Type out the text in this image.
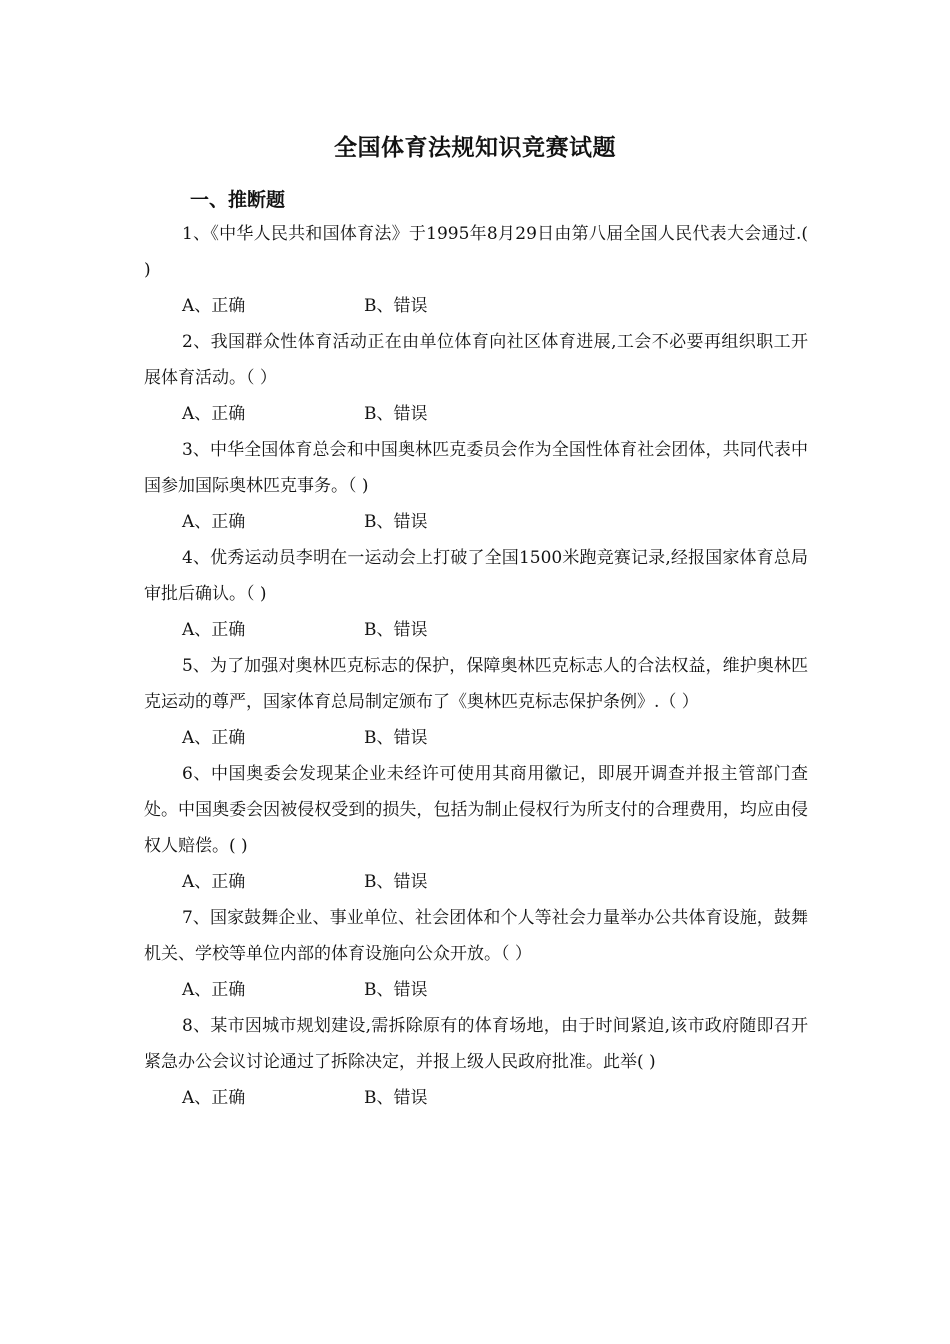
全国体育法规知识竞赛试题
一、推断题

1、《中华人民共和国体育法》于1995年8月29日由第八届全国人民代表大会通过.( )

A、正确	B、错误

2、我国群众性体育活动正在由单位体育向社区体育进展,工会不必要再组织职工开展体育活动。（ ）

A、正确	B、错误

3、中华全国体育总会和中国奥林匹克委员会作为全国性体育社会团体，共同代表中国参加国际奥林匹克事务。（ )

A、正确	B、错误

4、优秀运动员李明在一运动会上打破了全国1500米跑竞赛记录,经报国家体育总局审批后确认。（ )

A、正确	B、错误

5、为了加强对奥林匹克标志的保护，保障奥林匹克标志人的合法权益，维护奥林匹克运动的尊严，国家体育总局制定颁布了《奥林匹克标志保护条例》.（ ）

A、正确	B、错误

6、中国奥委会发现某企业未经许可使用其商用徽记，即展开调查并报主管部门查处。中国奥委会因被侵权受到的损失，包括为制止侵权行为所支付的合理费用，均应由侵权人赔偿。( )

A、正确	B、错误

7、国家鼓舞企业、事业单位、社会团体和个人等社会力量举办公共体育设施，鼓舞机关、学校等单位内部的体育设施向公众开放。（ ）

A、正确	B、错误

8、某市因城市规划建设,需拆除原有的体育场地，由于时间紧迫,该市政府随即召开紧急办公会议讨论通过了拆除决定，并报上级人民政府批准。此举( )

A、正确	B、错误
